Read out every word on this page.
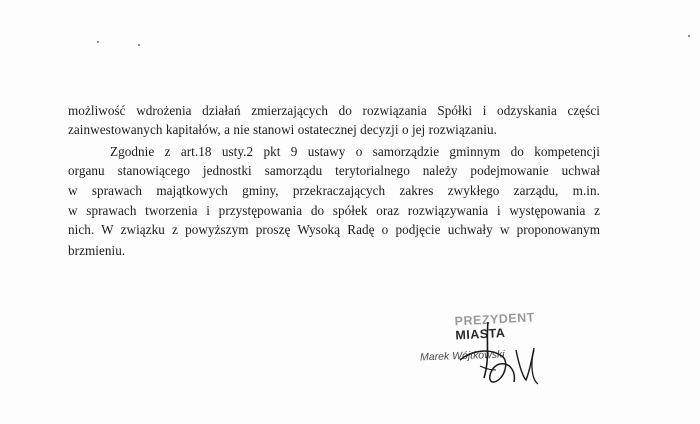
możliwość wdrożenia działań zmierzających do rozwiązania Spółki i odzyskania części
zainwestowanych kapitałów, a nie stanowi ostatecznej decyzji o jej rozwiązaniu.
Zgodnie z art.18 usty.2 pkt 9 ustawy o samorządzie gminnym do kompetencji
organu stanowiącego jednostki samorządu terytorialnego należy podejmowanie uchwał
w sprawach majątkowych gminy, przekraczających zakres zwykłego zarządu, m.in.
w sprawach tworzenia i przystępowania do spółek oraz rozwiązywania i występowania z
nich. W związku z powyższym proszę Wysoką Radę o podjęcie uchwały w proponowanym
brzmieniu.
PREZYDENT MIASTA
Marek Wójtkowski
